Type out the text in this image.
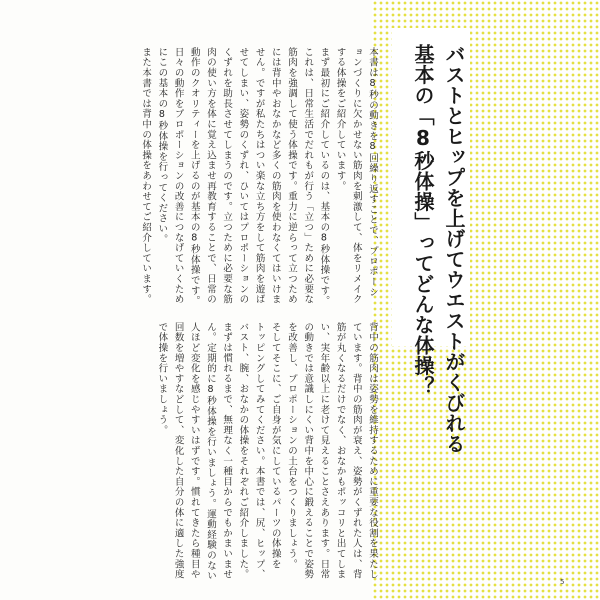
バストとヒップを上げてウエストがくびれる
基本の「8秒体操」ってどんな体操？

本書は8秒の動きを8回繰り返すことで、プロポーシ

ョンづくりに欠かせない筋肉を刺激して、体をリメイク

する体操をご紹介しています。

まず最初にご紹介しているのは、基本の8秒体操です。

これは、日常生活でだれもが行う「立つ」ために必要な

筋肉を強調して使う体操です。重力に逆らって立つため

には背中やおなかなど多くの筋肉を使わなくてはいけま

せん。ですが私たちはつい楽な立ち方をして筋肉を遊ば

せてしまい、姿勢のくずれ、ひいてはプロポーションの

くずれを助長させてしまうのです。立つために必要な筋

肉の使い方を体に覚え込ませ再教育することで、日常の

動作のクオリティーを上げるのが基本の8秒体操です。

日々の動作をプロポーションの改善につなげていくため

にこの基本の8秒体操を行ってください。

また本書では背中の体操をあわせてご紹介しています。

背中の筋肉は姿勢を維持するために重要な役割を果たし

ています。背中の筋肉が衰え、姿勢がくずれた人は、背

筋が丸くなるだけでなく、おなかもポッコリと出てしま

い、実年齢以上に老けて見えることさえあります。日常

の動きでは意識しにくい背中を中心に鍛えることで姿勢

を改善し、プロポーションの土台をつくりましょう。

そしてそこに、ご自身が気にしているパーツの体操を

トッピングしてみてください。本書では、尻、ヒップ、

バスト、腕、おなかの体操をそれぞれご紹介しました。

まずは慣れるまで、無理なく一種目からでもかまいませ

ん。定期的に8秒体操を行いましょう。運動経験のない

人ほど変化を感じやすいはずです。慣れてきたら種目や

回数を増やすなどして、変化した自分の体に適した強度

で体操を行いましょう。

5
